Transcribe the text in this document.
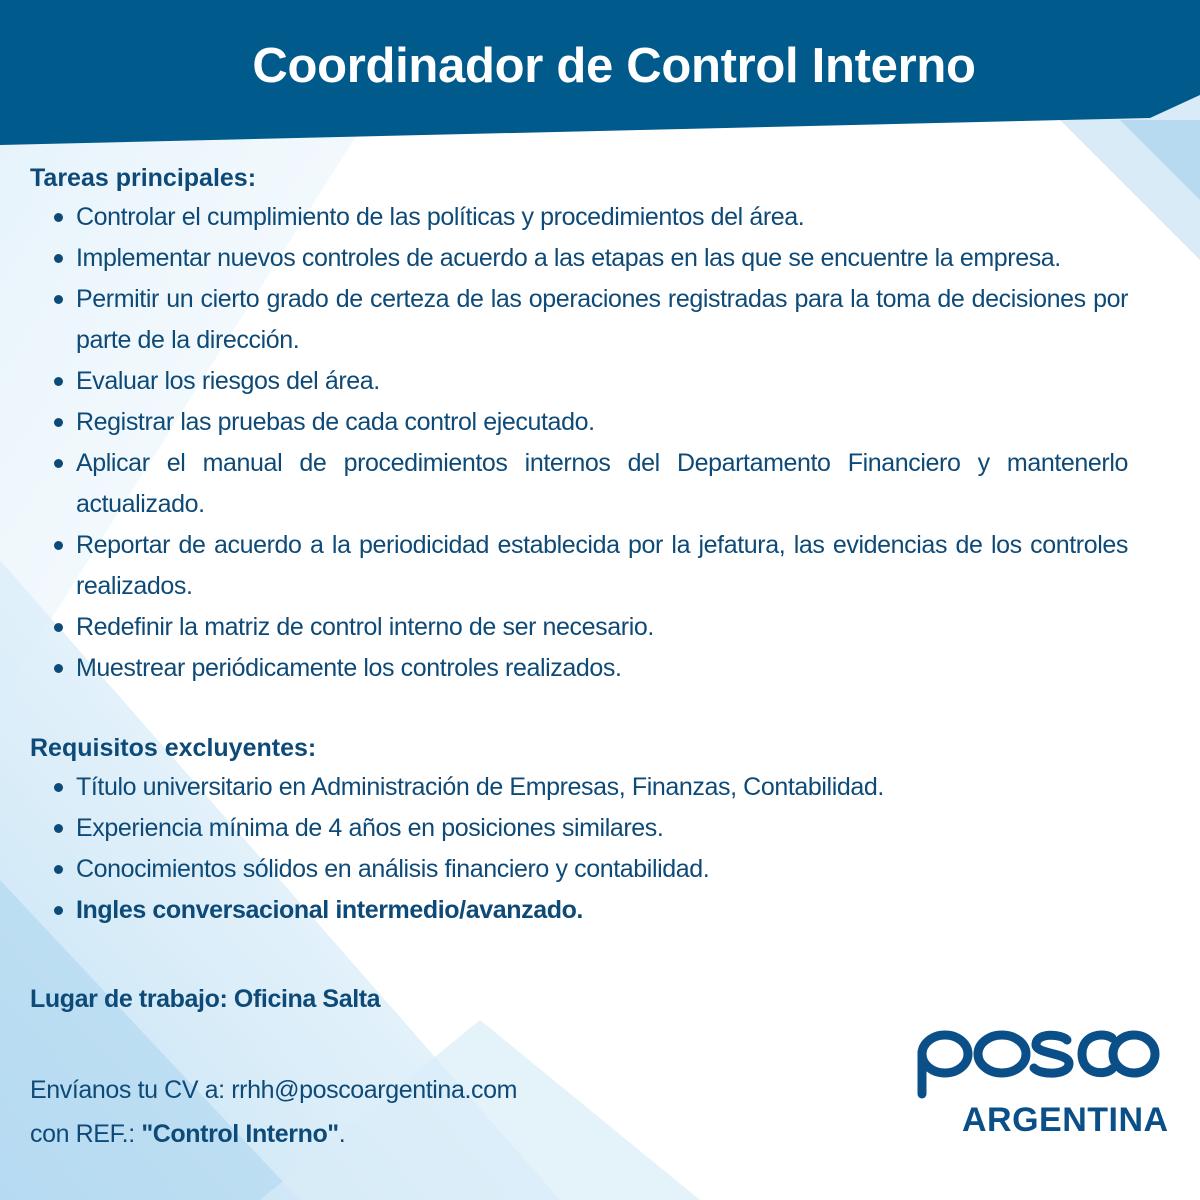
Coordinador de Control Interno
Tareas principales:
Controlar el cumplimiento de las políticas y procedimientos del área.
Implementar nuevos controles de acuerdo a las etapas en las que se encuentre la empresa.
Permitir un cierto grado de certeza de las operaciones registradas para la toma de decisiones por parte de la dirección.
Evaluar los riesgos del área.
Registrar las pruebas de cada control ejecutado.
Aplicar el manual de procedimientos internos del Departamento Financiero y mantenerlo actualizado.
Reportar de acuerdo a la periodicidad establecida por la jefatura, las evidencias de los controles realizados.
Redefinir la matriz de control interno de ser necesario.
Muestrear periódicamente los controles realizados.
Requisitos excluyentes:
Título universitario en Administración de Empresas, Finanzas, Contabilidad.
Experiencia mínima de 4 años en posiciones similares.
Conocimientos sólidos en análisis financiero y contabilidad.
Ingles conversacional intermedio/avanzado.
Lugar de trabajo: Oficina Salta
Envíanos tu CV a: rrhh@poscoargentina.com
con REF.: "Control Interno".	ARGENTINA
